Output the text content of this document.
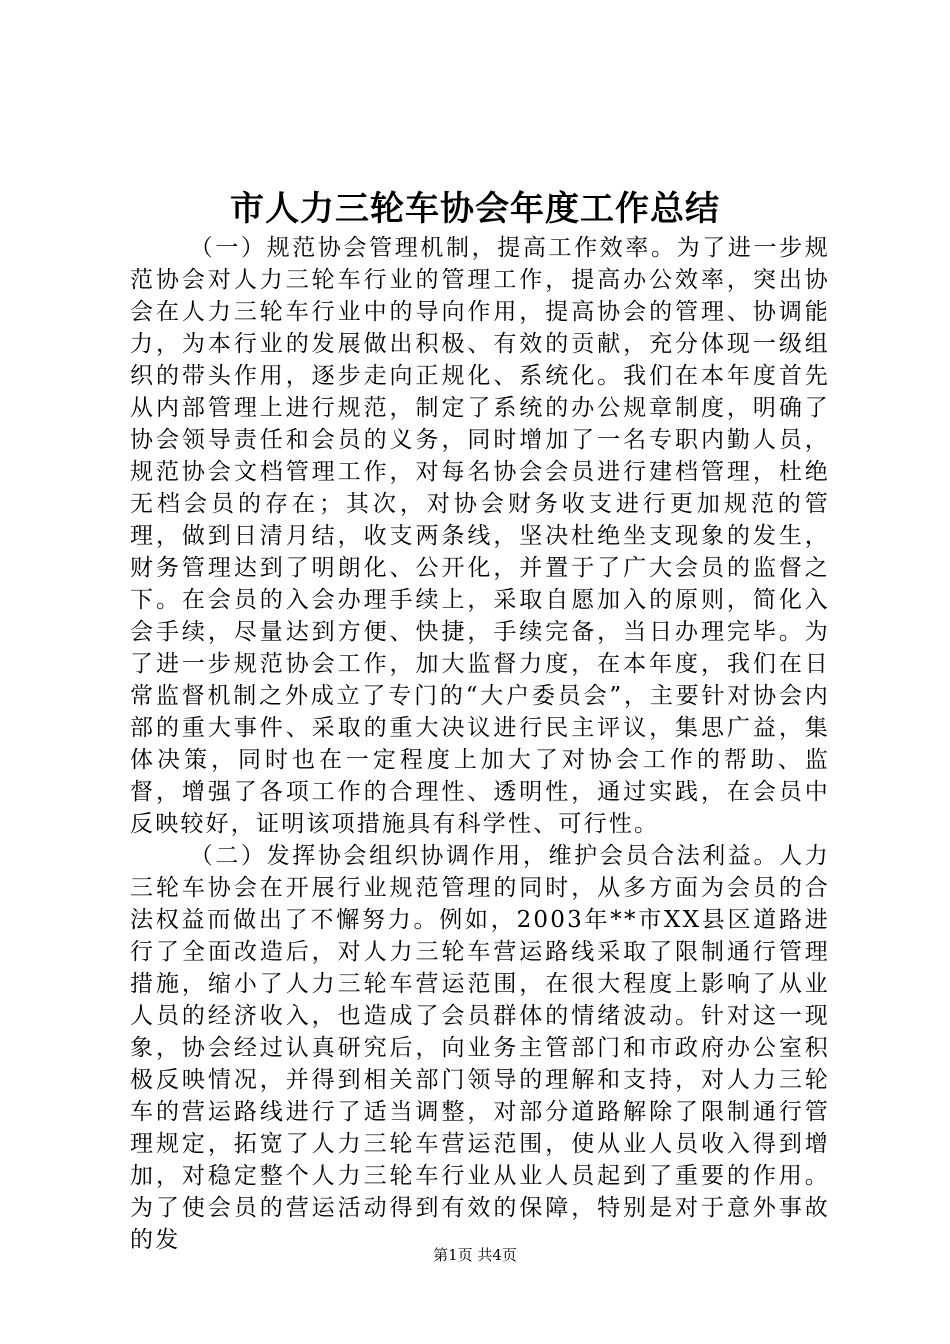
市人力三轮车协会年度工作总结

（一）规范协会管理机制，提高工作效率。为了进一步规范协会对人力三轮车行业的管理工作，提高办公效率，突出协会在人力三轮车行业中的导向作用，提高协会的管理、协调能力，为本行业的发展做出积极、有效的贡献，充分体现一级组织的带头作用，逐步走向正规化、系统化。我们在本年度首先从内部管理上进行规范，制定了系统的办公规章制度，明确了协会领导责任和会员的义务，同时增加了一名专职内勤人员，规范协会文档管理工作，对每名协会会员进行建档管理，杜绝无档会员的存在；其次，对协会财务收支进行更加规范的管理，做到日清月结，收支两条线，坚决杜绝坐支现象的发生，财务管理达到了明朗化、公开化，并置于了广大会员的监督之下。在会员的入会办理手续上，采取自愿加入的原则，简化入会手续，尽量达到方便、快捷，手续完备，当日办理完毕。为了进一步规范协会工作，加大监督力度，在本年度，我们在日常监督机制之外成立了专门的“大户委员会”，主要针对协会内部的重大事件、采取的重大决议进行民主评议，集思广益，集体决策，同时也在一定程度上加大了对协会工作的帮助、监督，增强了各项工作的合理性、透明性，通过实践，在会员中反映较好，证明该项措施具有科学性、可行性。

（二）发挥协会组织协调作用，维护会员合法利益。人力三轮车协会在开展行业规范管理的同时，从多方面为会员的合法权益而做出了不懈努力。例如，2003年**市XX县区道路进行了全面改造后，对人力三轮车营运路线采取了限制通行管理措施，缩小了人力三轮车营运范围，在很大程度上影响了从业人员的经济收入，也造成了会员群体的情绪波动。针对这一现象，协会经过认真研究后，向业务主管部门和市政府办公室积极反映情况，并得到相关部门领导的理解和支持，对人力三轮车的营运路线进行了适当调整，对部分道路解除了限制通行管理规定，拓宽了人力三轮车营运范围，使从业人员收入得到增加，对稳定整个人力三轮车行业从业人员起到了重要的作用。为了使会员的营运活动得到有效的保障，特别是对于意外事故的发

第1页 共4页
